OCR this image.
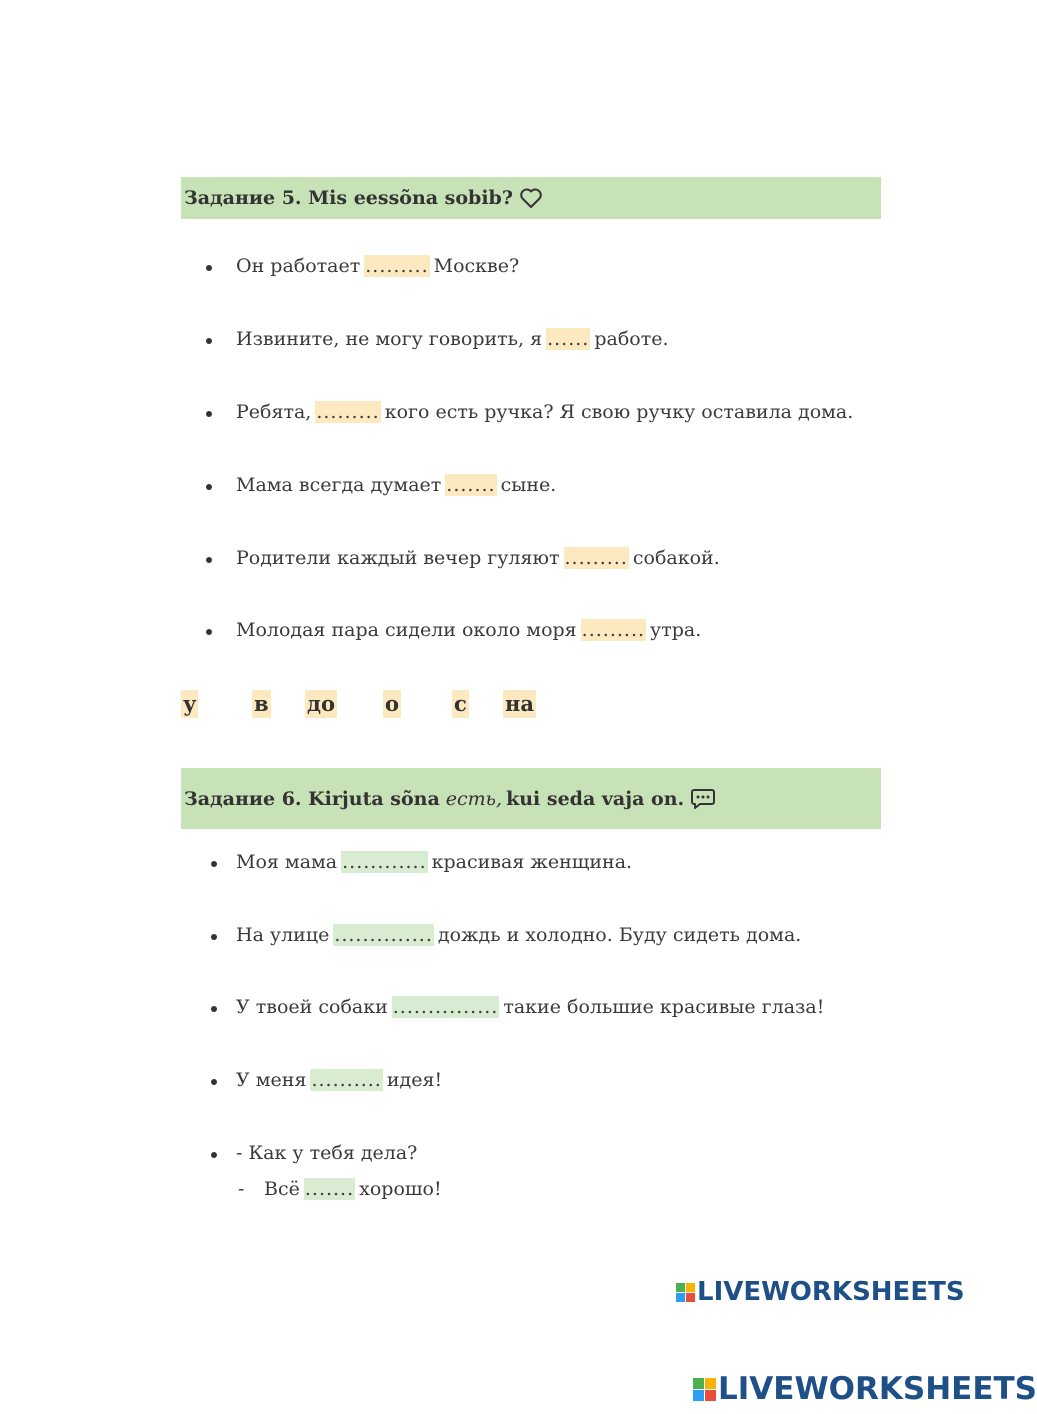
Задание 5. Mis eessõna sobib?
Он работает ......... Москве?
Извините, не могу говорить, я ...... работе.
Ребята, ......... кого есть ручка? Я свою ручку оставила дома.
Мама всегда думает ....... сыне.
Родители каждый вечер гуляют ......... собакой.
Молодая пара сидели около моря ......... утра.
у	в до о	с на
Задание 6. Kirjuta sõna есть, kui seda vaja on.
Моя мама ............ красивая женщина.
На улице .............. дождь и холодно. Буду сидеть дома.
У твоей собаки ............... такие большие красивые глаза!
У меня .......... идея!
- Как у тебя дела?
-	Всё ....... хорошо!
LIVEWORKSHEETS
LIVEWORKSHEETS
